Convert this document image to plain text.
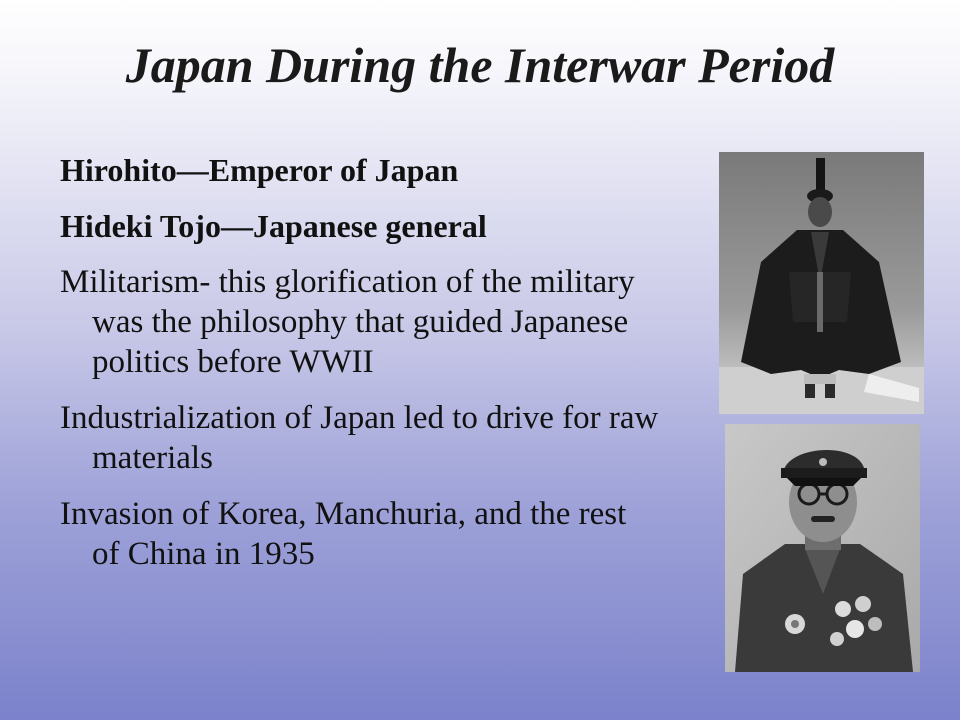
Japan During the Interwar Period

Hirohito—Emperor of Japan

Hideki Tojo—Japanese general

Militarism- this glorification of the military was the philosophy that guided Japanese politics before WWII

Industrialization of Japan led to drive for raw materials

Invasion of Korea, Manchuria, and the rest of China in 1935
